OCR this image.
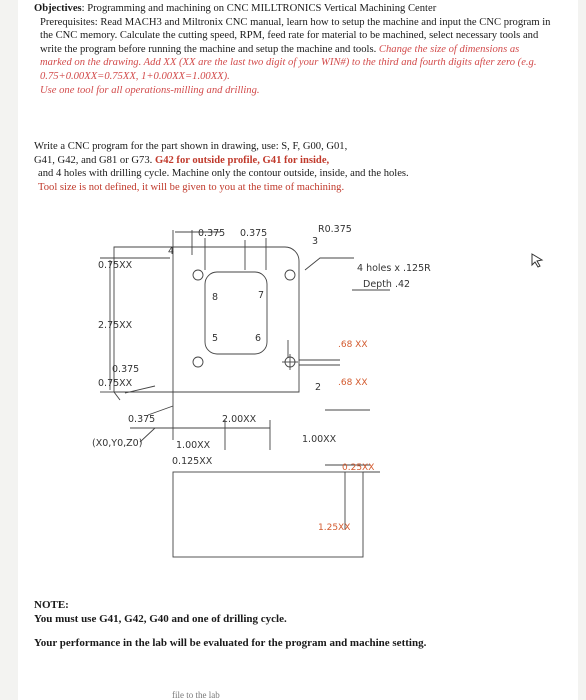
Objectives: Programming and machining on CNC MILLTRONICS Vertical Machining Center
Prerequisites: Read MACH3 and Miltronix CNC manual, learn how to setup the machine and input the CNC program in the CNC memory. Calculate the cutting speed, RPM, feed rate for material to be machined, select necessary tools and write the program before running the machine and setup the machine and tools. Change the size of dimensions as marked on the drawing. Add XX (XX are the last two digit of your WIN#) to the third and fourth digits after zero (e.g. 0.75+0.00XX=0.75XX, 1+0.00XX=1.00XX).
Use one tool for all operations-milling and drilling.
Write a CNC program for the part shown in drawing, use: S, F, G00, G01,
G41, G42, and G81 or G73. G42 for outside profile, G41 for inside,
and 4 holes with drilling cycle. Machine only the contour outside, inside, and the holes.
Tool size is not defined, it will be given to you at the time of machining.
0.375 0.375	R0.375
3
4
0.75XX
2.75XX
0.375
0.75XX
0.375
(X0,Y0,Z0)	1.00XX
0.125XX
2.00XX
1.00XX
4 holes x .125R
Depth .42
.68 XX
.68 XX
2
0.25XX
1.25XX
5	6
7
8

NOTE:

You must use G41, G42, G40 and one of drilling cycle.

Your performance in the lab will be evaluated for the program and machine setting.

file to the lab
